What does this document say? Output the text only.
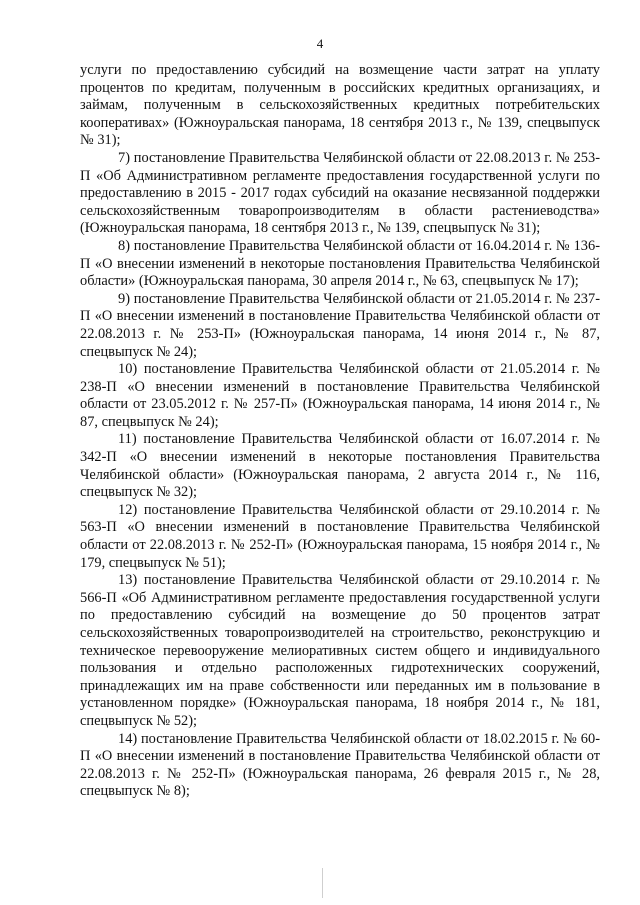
4

услуги по предоставлению субсидий на возмещение части затрат на уплату процентов по кредитам, полученным в российских кредитных организациях, и займам, полученным в сельскохозяйственных кредитных потребительских кооперативах» (Южноуральская панорама, 18 сентября 2013 г., № 139, спецвыпуск № 31);

7) постановление Правительства Челябинской области от 22.08.2013 г. № 253-П «Об Административном регламенте предоставления государственной услуги по предоставлению в 2015 - 2017 годах субсидий на оказание несвязанной поддержки сельскохозяйственным товаропроизводителям в области растениеводства» (Южноуральская панорама, 18 сентября 2013 г., № 139, спецвыпуск № 31);

8) постановление Правительства Челябинской области от 16.04.2014 г. № 136-П «О внесении изменений в некоторые постановления Правительства Челябинской области» (Южноуральская панорама, 30 апреля 2014 г., № 63, спецвыпуск № 17);

9) постановление Правительства Челябинской области от 21.05.2014 г. № 237-П «О внесении изменений в постановление Правительства Челябинской области от 22.08.2013 г. № 253-П» (Южноуральская панорама, 14 июня 2014 г., № 87, спецвыпуск № 24);

10) постановление Правительства Челябинской области от 21.05.2014 г. № 238-П «О внесении изменений в постановление Правительства Челябинской области от 23.05.2012 г. № 257-П» (Южноуральская панорама, 14 июня 2014 г., № 87, спецвыпуск № 24);

11) постановление Правительства Челябинской области от 16.07.2014 г. № 342-П «О внесении изменений в некоторые постановления Правительства Челябинской области» (Южноуральская панорама, 2 августа 2014 г., № 116, спецвыпуск № 32);

12) постановление Правительства Челябинской области от 29.10.2014 г. № 563-П «О внесении изменений в постановление Правительства Челябинской области от 22.08.2013 г. № 252-П» (Южноуральская панорама, 15 ноября 2014 г., № 179, спецвыпуск № 51);

13) постановление Правительства Челябинской области от 29.10.2014 г. № 566-П «Об Административном регламенте предоставления государственной услуги по предоставлению субсидий на возмещение до 50 процентов затрат сельскохозяйственных товаропроизводителей на строительство, реконструкцию и техническое перевооружение мелиоративных систем общего и индивидуального пользования и отдельно расположенных гидротехнических сооружений, принадлежащих им на праве собственности или переданных им в пользование в установленном порядке» (Южноуральская панорама, 18 ноября 2014 г., № 181, спецвыпуск № 52);

14) постановление Правительства Челябинской области от 18.02.2015 г. № 60-П «О внесении изменений в постановление Правительства Челябинской области от 22.08.2013 г. № 252-П» (Южноуральская панорама, 26 февраля 2015 г., № 28, спецвыпуск № 8);
